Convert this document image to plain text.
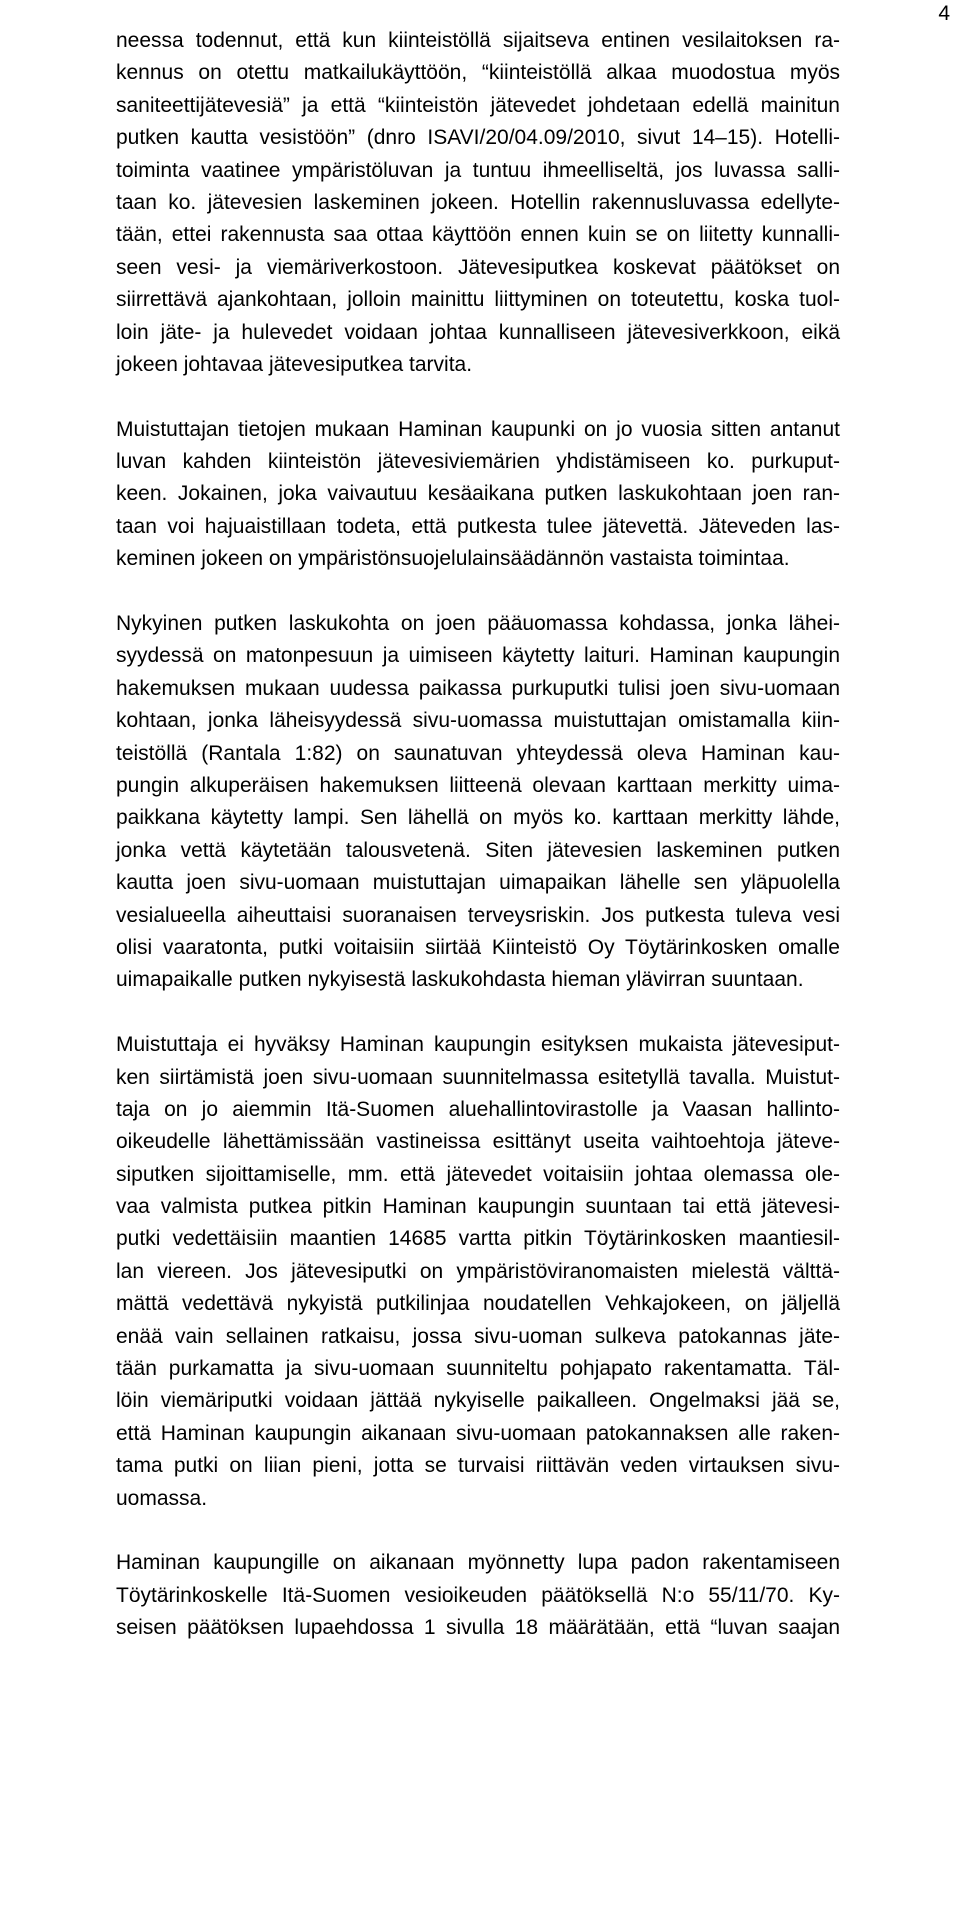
4
neessa todennut, että kun kiinteistöllä sijaitseva entinen vesilaitoksen ra-
kennus on otettu matkailukäyttöön, “kiinteistöllä alkaa muodostua myös
saniteettijätevesiä” ja että “kiinteistön jätevedet johdetaan edellä mainitun
putken kautta vesistöön” (dnro ISAVI/20/04.09/2010, sivut 14‒15). Hotelli-
toiminta vaatinee ympäristöluvan ja tuntuu ihmeelliseltä, jos luvassa salli-
taan ko. jätevesien laskeminen jokeen. Hotellin rakennusluvassa edellyte-
tään, ettei rakennusta saa ottaa käyttöön ennen kuin se on liitetty kunnalli-
seen vesi- ja viemäriverkostoon. Jätevesiputkea koskevat päätökset on
siirrettävä ajankohtaan, jolloin mainittu liittyminen on toteutettu, koska tuol-
loin jäte- ja hulevedet voidaan johtaa kunnalliseen jätevesiverkkoon, eikä
jokeen johtavaa jätevesiputkea tarvita.
Muistuttajan tietojen mukaan Haminan kaupunki on jo vuosia sitten antanut
luvan kahden kiinteistön jätevesiviemärien yhdistämiseen ko. purkuput-
keen. Jokainen, joka vaivautuu kesäaikana putken laskukohtaan joen ran-
taan voi hajuaistillaan todeta, että putkesta tulee jätevettä. Jäteveden las-
keminen jokeen on ympäristönsuojelulainsäädännön vastaista toimintaa.
Nykyinen putken laskukohta on joen pääuomassa kohdassa, jonka lähei-
syydessä on matonpesuun ja uimiseen käytetty laituri. Haminan kaupungin
hakemuksen mukaan uudessa paikassa purkuputki tulisi joen sivu-uomaan
kohtaan, jonka läheisyydessä sivu-uomassa muistuttajan omistamalla kiin-
teistöllä (Rantala 1:82) on saunatuvan yhteydessä oleva Haminan kau-
pungin alkuperäisen hakemuksen liitteenä olevaan karttaan merkitty uima-
paikkana käytetty lampi. Sen lähellä on myös ko. karttaan merkitty lähde,
jonka vettä käytetään talousvetenä. Siten jätevesien laskeminen putken
kautta joen sivu-uomaan muistuttajan uimapaikan lähelle sen yläpuolella
vesialueella aiheuttaisi suoranaisen terveysriskin. Jos putkesta tuleva vesi
olisi vaaratonta, putki voitaisiin siirtää Kiinteistö Oy Töytärinkosken omalle
uimapaikalle putken nykyisestä laskukohdasta hieman ylävirran suuntaan.
Muistuttaja ei hyväksy Haminan kaupungin esityksen mukaista jätevesiput-
ken siirtämistä joen sivu-uomaan suunnitelmassa esitetyllä tavalla. Muistut-
taja on jo aiemmin Itä-Suomen aluehallintovirastolle ja Vaasan hallinto-
oikeudelle lähettämissään vastineissa esittänyt useita vaihtoehtoja jäteve-
siputken sijoittamiselle, mm. että jätevedet voitaisiin johtaa olemassa ole-
vaa valmista putkea pitkin Haminan kaupungin suuntaan tai että jätevesi-
putki vedettäisiin maantien 14685 vartta pitkin Töytärinkosken maantiesil-
lan viereen. Jos jätevesiputki on ympäristöviranomaisten mielestä välttä-
mättä vedettävä nykyistä putkilinjaa noudatellen Vehkajokeen, on jäljellä
enää vain sellainen ratkaisu, jossa sivu-uoman sulkeva patokannas jäte-
tään purkamatta ja sivu-uomaan suunniteltu pohjapato rakentamatta. Täl-
löin viemäriputki voidaan jättää nykyiselle paikalleen. Ongelmaksi jää se,
että Haminan kaupungin aikanaan sivu-uomaan patokannaksen alle raken-
tama putki on liian pieni, jotta se turvaisi riittävän veden virtauksen sivu-
uomassa.
Haminan kaupungille on aikanaan myönnetty lupa padon rakentamiseen
Töytärinkoskelle Itä-Suomen vesioikeuden päätöksellä N:o 55/11/70. Ky-
seisen päätöksen lupaehdossa 1 sivulla 18 määrätään, että “luvan saajan
